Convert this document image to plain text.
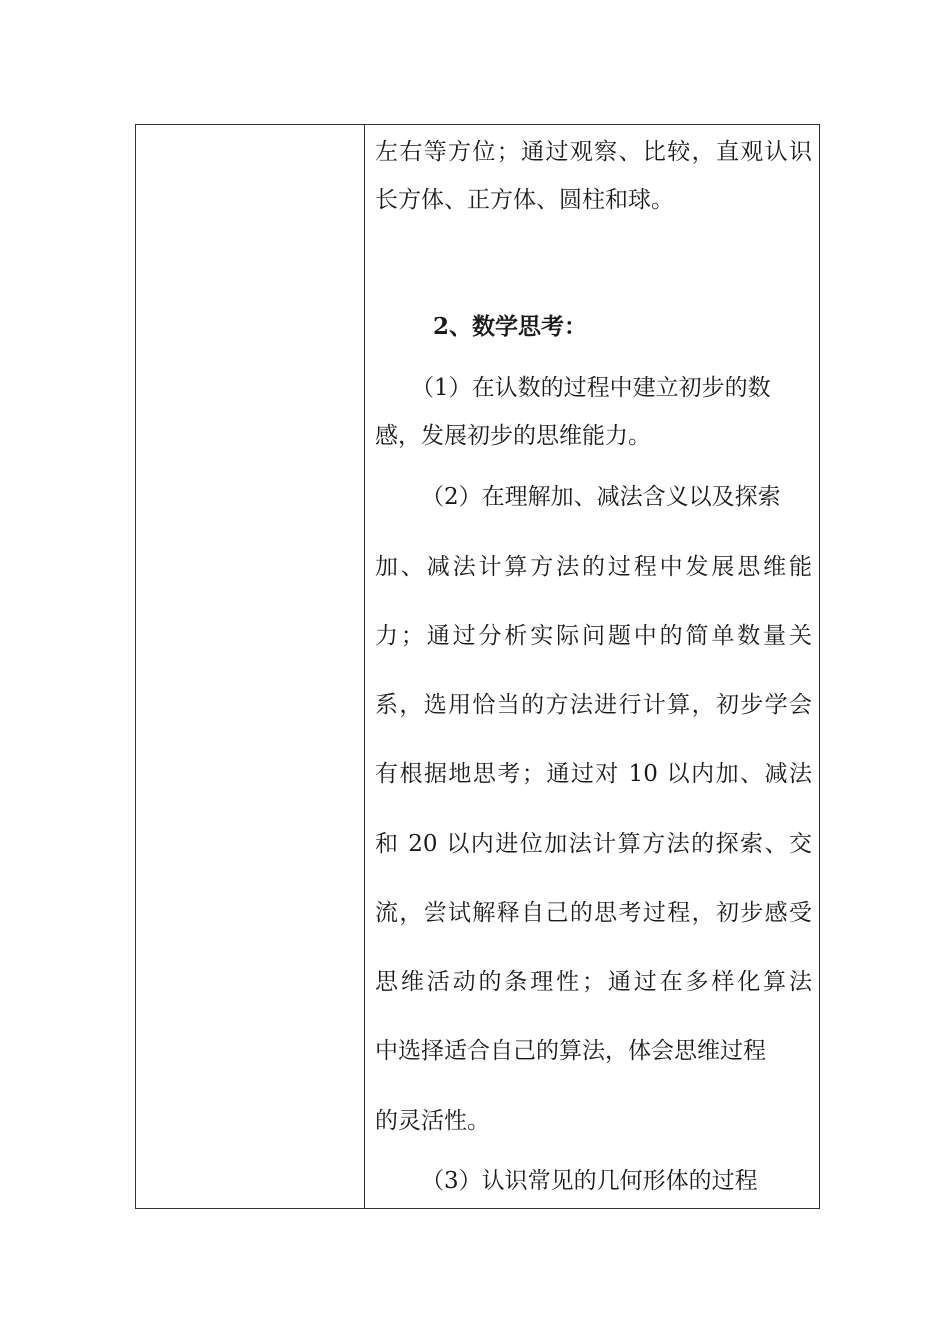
左右等方位；通过观察、比较，直观认识
长方体、正方体、圆柱和球。
2、数学思考：
（1）在认数的过程中建立初步的数
感，发展初步的思维能力。
（2）在理解加、减法含义以及探索
加、减法计算方法的过程中发展思维能
力；通过分析实际问题中的简单数量关
系，选用恰当的方法进行计算，初步学会
有根据地思考；通过对 10 以内加、减法
和 20 以内进位加法计算方法的探索、交
流，尝试解释自己的思考过程，初步感受
思维活动的条理性；通过在多样化算法
中选择适合自己的算法，体会思维过程
的灵活性。
（3）认识常见的几何形体的过程
